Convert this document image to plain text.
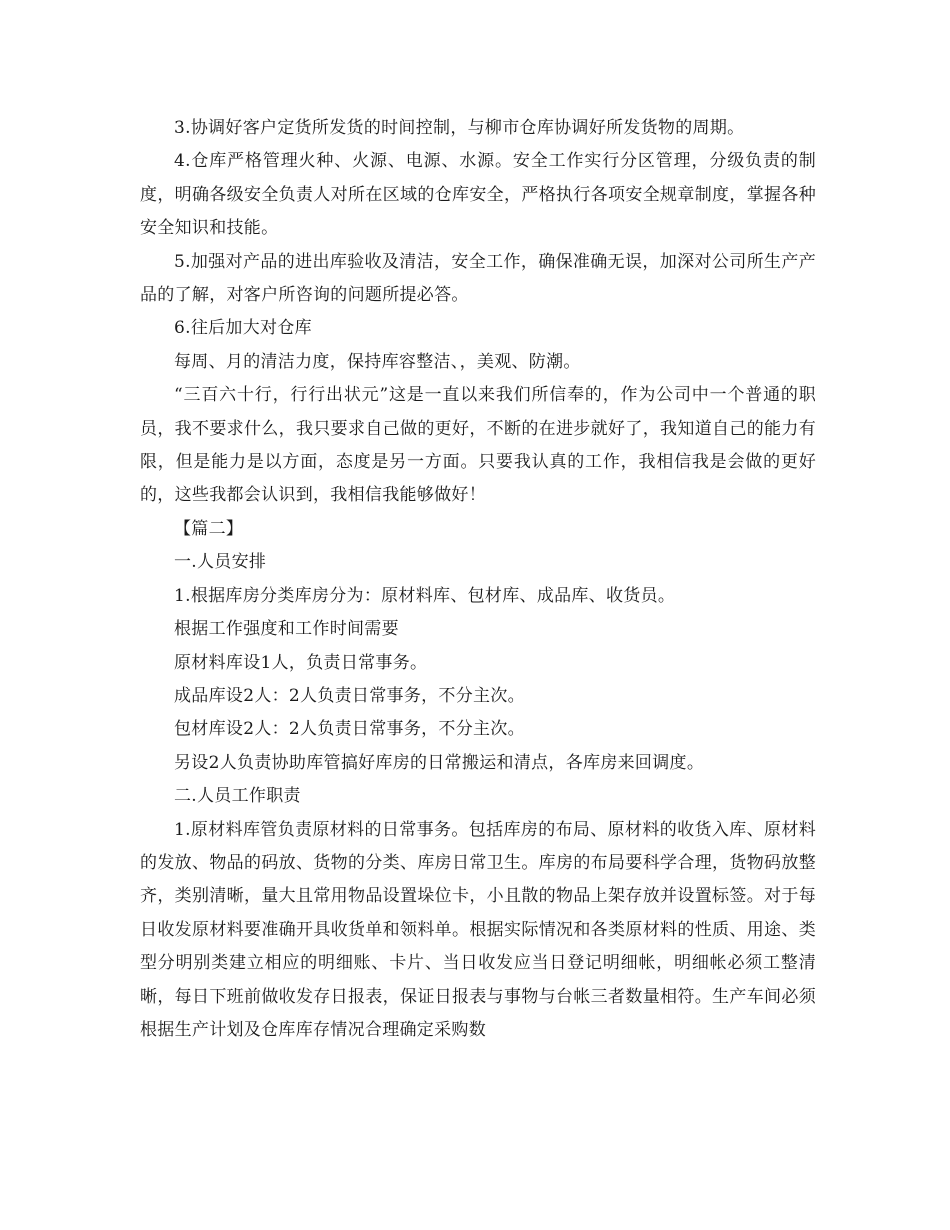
3.协调好客户定货所发货的时间控制，与柳市仓库协调好所发货物的周期。

4.仓库严格管理火种、火源、电源、水源。安全工作实行分区管理，分级负责的制度，明确各级安全负责人对所在区域的仓库安全，严格执行各项安全规章制度，掌握各种安全知识和技能。

5.加强对产品的进出库验收及清洁，安全工作，确保准确无误，加深对公司所生产产品的了解，对客户所咨询的问题所提必答。

6.往后加大对仓库

每周、月的清洁力度，保持库容整洁、，美观、防潮。

“三百六十行，行行出状元”这是一直以来我们所信奉的，作为公司中一个普通的职员，我不要求什么，我只要求自己做的更好，不断的在进步就好了，我知道自己的能力有限，但是能力是以方面，态度是另一方面。只要我认真的工作，我相信我是会做的更好的，这些我都会认识到，我相信我能够做好！

【篇二】

一.人员安排

1.根据库房分类库房分为：原材料库、包材库、成品库、收货员。

根据工作强度和工作时间需要

原材料库设1人，负责日常事务。

成品库设2人：2人负责日常事务，不分主次。

包材库设2人：2人负责日常事务，不分主次。

另设2人负责协助库管搞好库房的日常搬运和清点，各库房来回调度。

二.人员工作职责

1.原材料库管负责原材料的日常事务。包括库房的布局、原材料的收货入库、原材料的发放、物品的码放、货物的分类、库房日常卫生。库房的布局要科学合理，货物码放整齐，类别清晰，量大且常用物品设置垛位卡，小且散的物品上架存放并设置标签。对于每日收发原材料要准确开具收货单和领料单。根据实际情况和各类原材料的性质、用途、类型分明别类建立相应的明细账、卡片、当日收发应当日登记明细帐，明细帐必须工整清晰，每日下班前做收发存日报表，保证日报表与事物与台帐三者数量相符。生产车间必须根据生产计划及仓库库存情况合理确定采购数
